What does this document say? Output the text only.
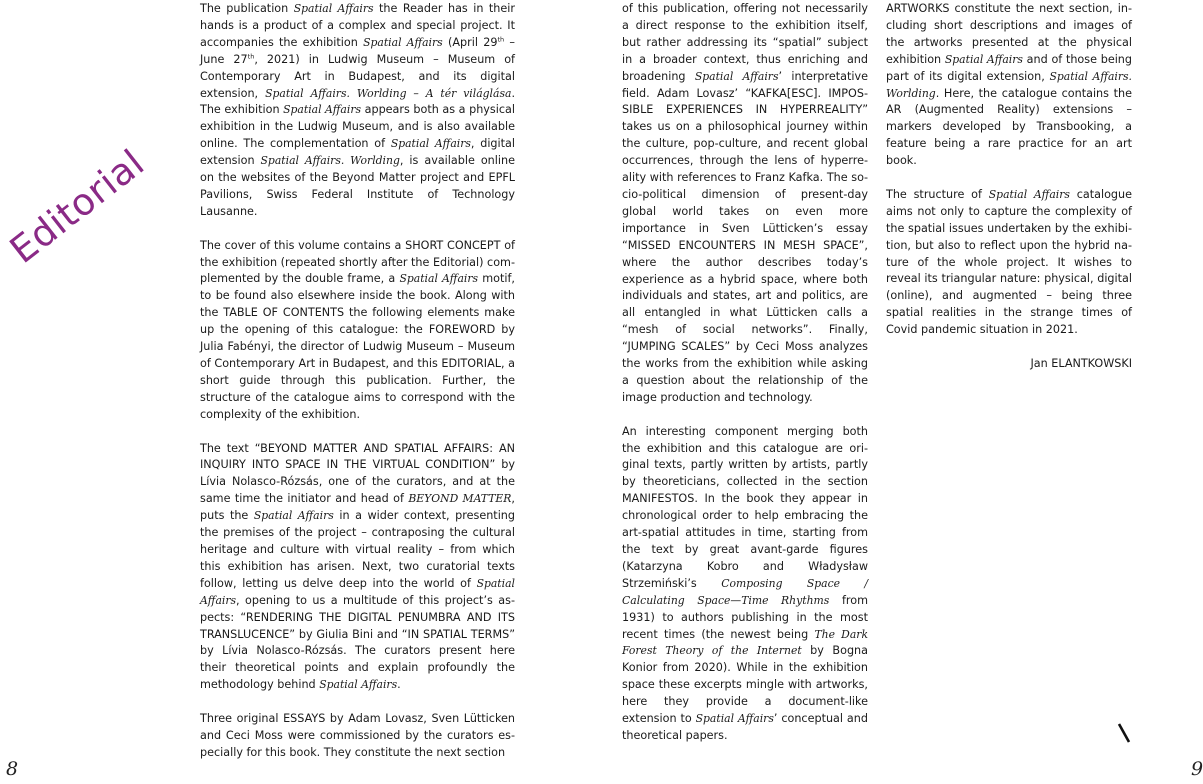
Editorial
8	9

The publication Spatial Affairs the Reader has in their hands is a product of a complex and special project. It accompanies the exhibition Spatial Affairs (April 29th – June 27th, 2021) in Ludwig Museum – Museum of Contemporary Art in Budapest, and its digital extension, Spatial Affairs. Worlding – A tér világlása. The exhibition Spatial Affairs appears both as a physical exhibition in the Ludwig Museum, and is also available online. The complementation of Spatial Affairs, digital extension Spatial Affairs. Worlding, is available online on the websites of the Beyond Matter project and EPFL Pavilions, Swiss Federal Institute of Technology Lausanne.

The cover of this volume contains a SHORT CONCEPT of the exhibition (repeated shortly after the Editorial) complemented by the double frame, a Spatial Affairs motif, to be found also elsewhere inside the book. Along with the TABLE OF CONTENTS the following elements make up the opening of this catalogue: the FOREWORD by Julia Fabényi, the director of Ludwig Museum – Museum of Contemporary Art in Budapest, and this EDITORIAL, a short guide through this publication. Further, the structure of the catalogue aims to correspond with the complexity of the exhibition.

The text “BEYOND MATTER AND SPATIAL AFFAIRS: AN INQUIRY INTO SPACE IN THE VIRTUAL CONDITION” by Lívia Nolasco-Rózsás, one of the curators, and at the same time the initiator and head of BEYOND MATTER, puts the Spatial Affairs in a wider context, presenting the premises of the project – contraposing the cultural heritage and culture with virtual reality – from which this exhibition has arisen. Next, two curatorial texts follow, letting us delve deep into the world of Spatial Affairs, opening to us a multitude of this project’s aspects: “RENDERING THE DIGITAL PENUMBRA AND ITS TRANSLUCENCE” by Giulia Bini and “IN SPATIAL TERMS” by Lívia Nolasco-Rózsás. The curators present here their theoretical points and explain profoundly the methodology behind Spatial Affairs.

Three original ESSAYS by Adam Lovasz, Sven Lütticken and Ceci Moss were commissioned by the curators especially for this book. They constitute the next section

of this publication, offering not necessarily a direct response to the exhibition itself, but rather addressing its “spatial” subject in a broader context, thus enriching and broadening Spatial Affairs’ interpretative field. Adam Lovasz’ “KAFKA[ESC]. IMPOSSIBLE EXPERIENCES IN HYPERREALITY” takes us on a philosophical journey within the culture, pop-culture, and recent global occurrences, through the lens of hyperreality with references to Franz Kafka. The socio-political dimension of present-day global world takes on even more importance in Sven Lütticken’s essay “MISSED ENCOUNTERS IN MESH SPACE”, where the author describes today’s experience as a hybrid space, where both individuals and states, art and politics, are all entangled in what Lütticken calls a “mesh of social networks”. Finally, “JUMPING SCALES” by Ceci Moss analyzes the works from the exhibition while asking a question about the relationship of the image production and technology.

An interesting component merging both the exhibition and this catalogue are original texts, partly written by artists, partly by theoreticians, collected in the section MANIFESTOS. In the book they appear in chronological order to help embracing the art-spatial attitudes in time, starting from the text by great avant-garde figures (Katarzyna Kobro and Władysław Strzemiński’s Composing Space / Calculating Space—Time Rhythms from 1931) to authors publishing in the most recent times (the newest being The Dark Forest Theory of the Internet by Bogna Konior from 2020). While in the exhibition space these excerpts mingle with artworks, here they provide a document-like extension to Spatial Affairs’ conceptual and theoretical papers.

ARTWORKS constitute the next section, including short descriptions and images of the artworks presented at the physical exhibition Spatial Affairs and of those being part of its digital extension, Spatial Affairs. Worlding. Here, the catalogue contains the AR (Augmented Reality) extensions – markers developed by Transbooking, a feature being a rare practice for an art book.

The structure of Spatial Affairs catalogue aims not only to capture the complexity of the spatial issues undertaken by the exhibition, but also to reflect upon the hybrid nature of the whole project. It wishes to reveal its triangular nature: physical, digital (online), and augmented – being three spatial realities in the strange times of Covid pandemic situation in 2021.

Jan ELANTKOWSKI
